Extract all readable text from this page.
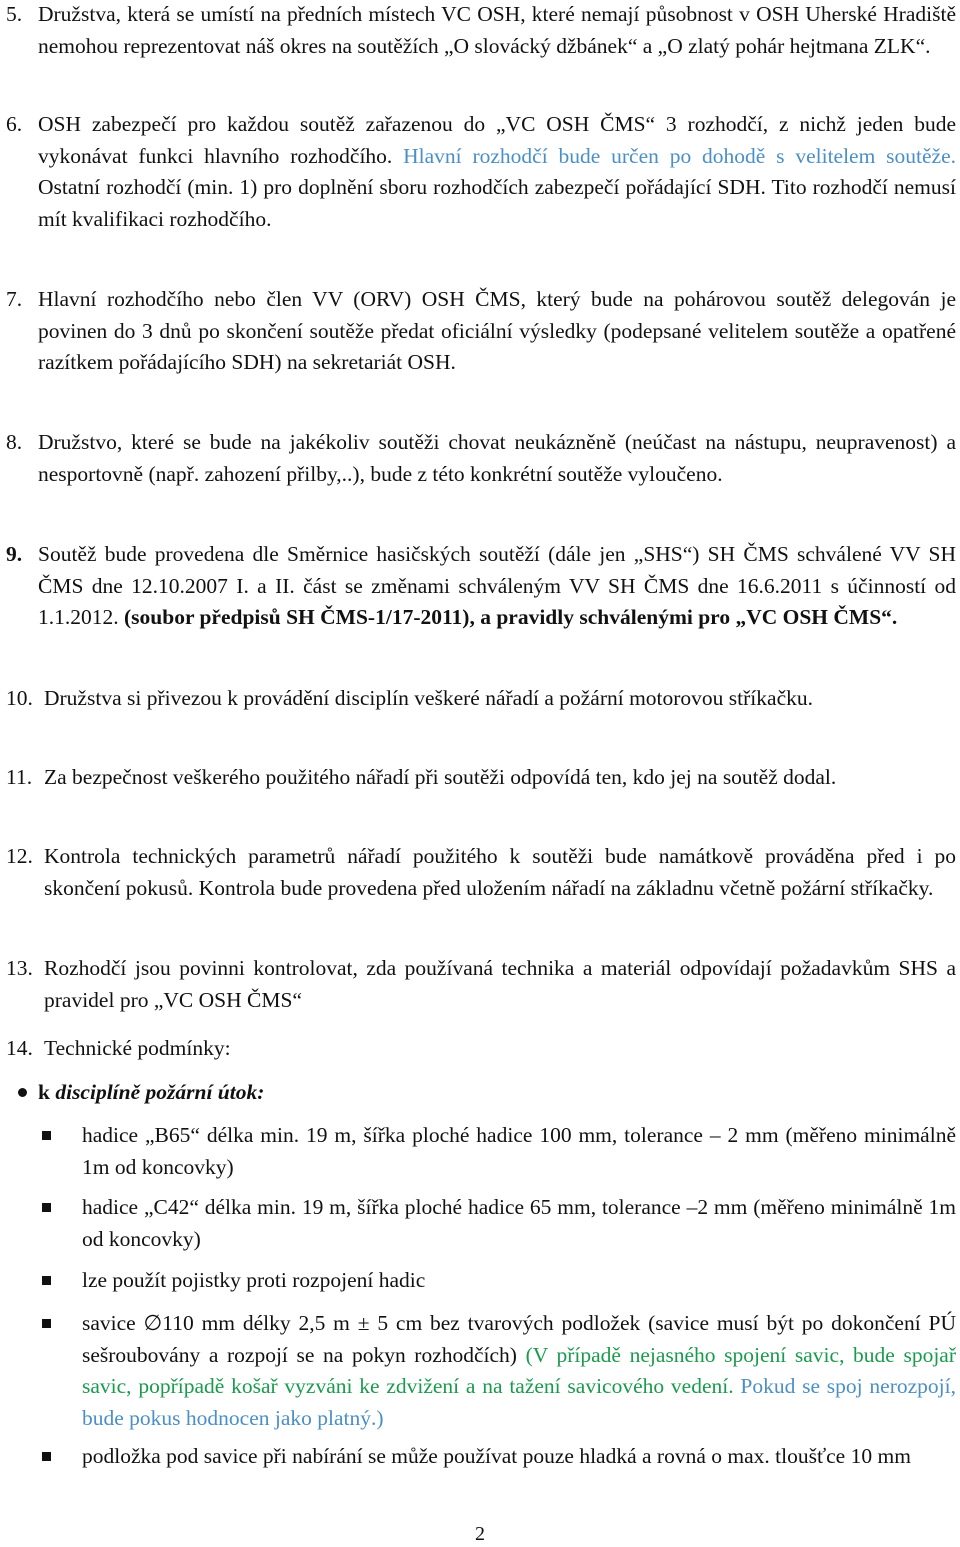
5. Družstva, která se umístí na předních místech VC OSH, které nemají působnost v OSH Uherské Hradiště nemohou reprezentovat náš okres na soutěžích „O slovácký džbánek“ a „O zlatý pohár hejtmana ZLK“.
6. OSH zabezpečí pro každou soutěž zařazenou do „VC OSH ČMS“ 3 rozhodčí, z nichž jeden bude vykonávat funkci hlavního rozhodčího. Hlavní rozhodčí bude určen po dohodě s velitelem soutěže. Ostatní rozhodčí (min. 1) pro doplnění sboru rozhodčích zabezpečí pořádající SDH. Tito rozhodčí nemusí mít kvalifikaci rozhodčího.
7. Hlavní rozhodčího nebo člen VV (ORV) OSH ČMS, který bude na pohárovou soutěž delegován je povinen do 3 dnů po skončení soutěže předat oficiální výsledky (podepsané velitelem soutěže a opatřené razítkem pořádajícího SDH) na sekretariát OSH.
8. Družstvo, které se bude na jakékoliv soutěži chovat neukázněně (neúčast na nástupu, neupravenost) a nesportovně (např. zahození přilby,..), bude z této konkrétní soutěže vyloučeno.
9. Soutěž bude provedena dle Směrnice hasičských soutěží (dále jen „SHS“) SH ČMS schválené VV SH ČMS dne 12.10.2007 I. a II. část se změnami schváleným VV SH ČMS dne 16.6.2011 s účinností od 1.1.2012. (soubor předpisů SH ČMS-1/17-2011), a pravidly schválenými pro „VC OSH ČMS“.
10. Družstva si přivezou k provádění disciplín veškeré nářadí a požární motorovou stříkačku.
11. Za bezpečnost veškerého použitého nářadí při soutěži odpovídá ten, kdo jej na soutěž dodal.
12. Kontrola technických parametrů nářadí použitého k soutěži bude namátkově prováděna před i po skončení pokusů. Kontrola bude provedena před uložením nářadí na základnu včetně požární stříkačky.
13. Rozhodčí jsou povinni kontrolovat, zda používaná technika a materiál odpovídají požadavkům SHS a pravidel pro „VC OSH ČMS“
14. Technické podmínky:
k disciplíně požární útok:
hadice „B65“ délka min. 19 m, šířka ploché hadice 100 mm, tolerance – 2 mm (měřeno minimálně 1m od koncovky)
hadice „C42“ délka min. 19 m, šířka ploché hadice 65 mm, tolerance –2 mm (měřeno minimálně 1m od koncovky)
lze použít pojistky proti rozpojení hadic
savice ∅110 mm délky 2,5 m ± 5 cm bez tvarových podložek (savice musí být po dokončení PÚ sešroubovány a rozpojí se na pokyn rozhodčích) (V případě nejasného spojení savic, bude spojař savic, popřípadě košař vyzváni ke zdvižení a na tažení savicového vedení. Pokud se spoj nerozpojí, bude pokus hodnocen jako platný.)
podložka pod savice při nabírání se může používat pouze hladká a rovná o max. tloušťce 10 mm
2
